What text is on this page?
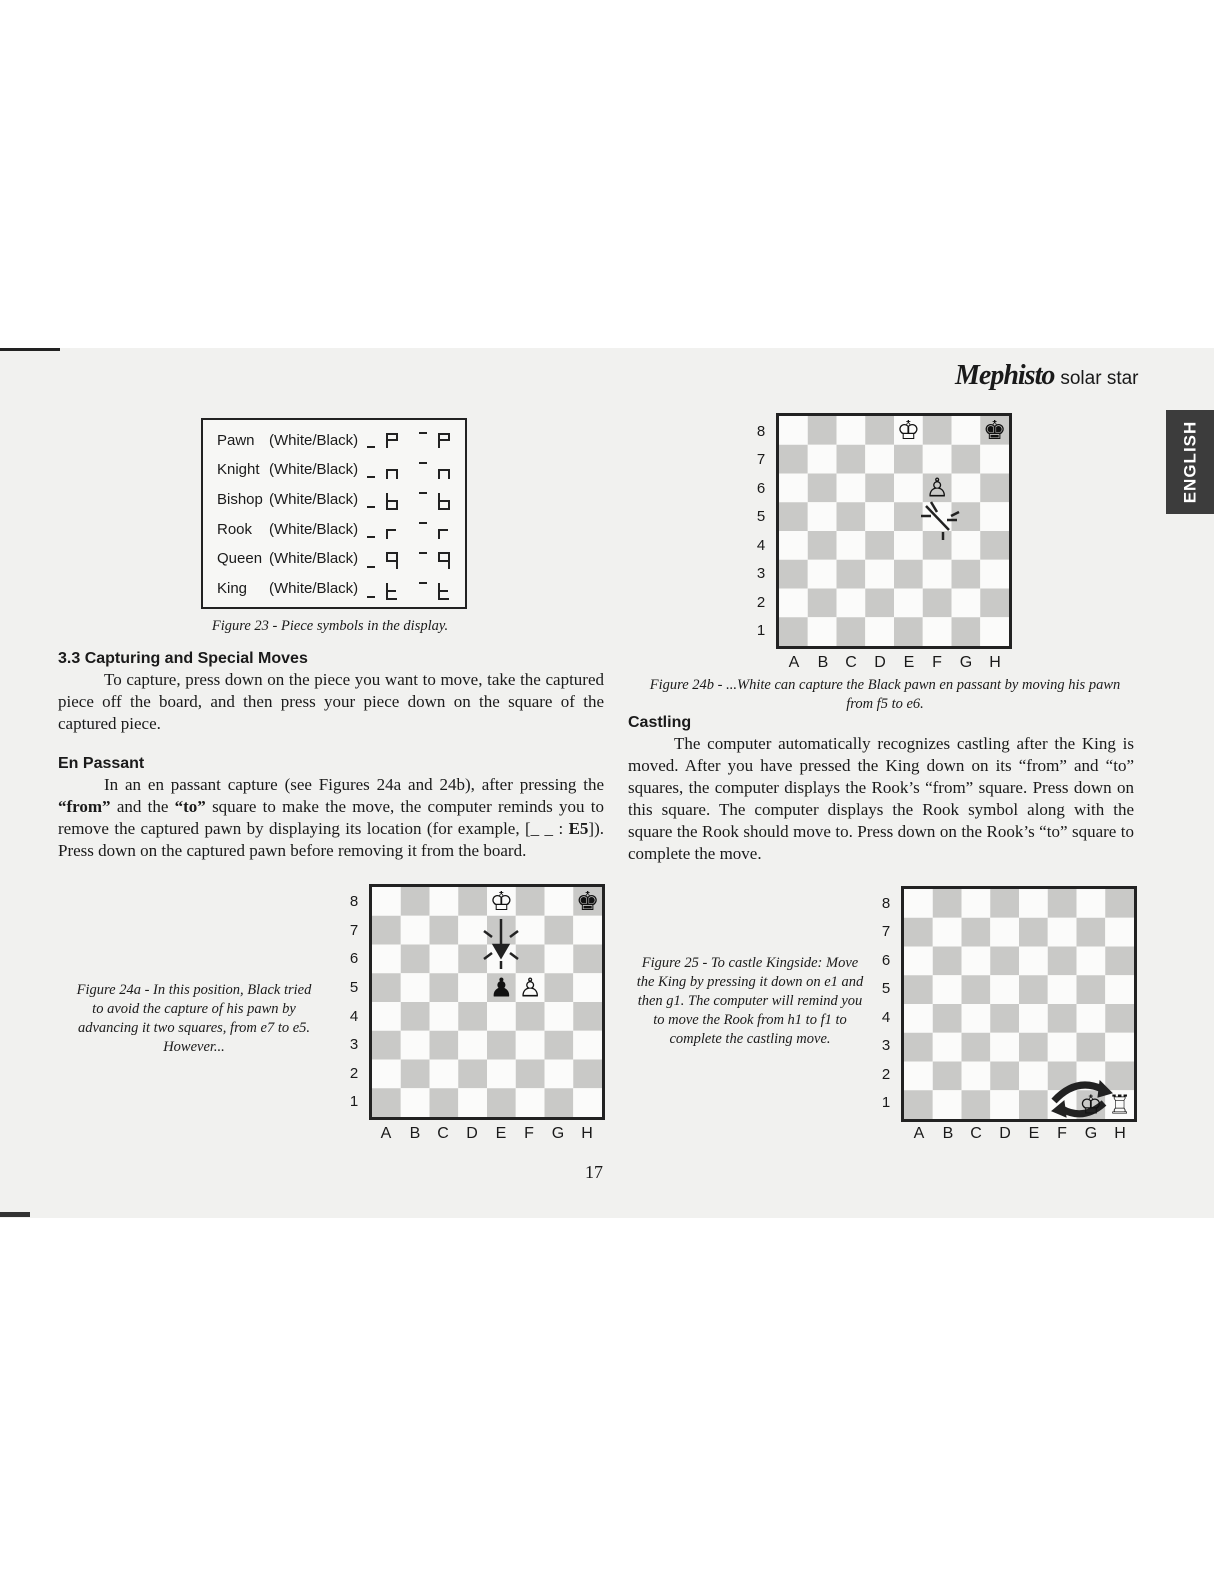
Mephisto solar star
ENGLISH
Pawn (White/Black)
Knight (White/Black)
Bishop (White/Black)
Rook	(White/Black)
Queen (White/Black)
King	(White/Black)
Figure 23 - Piece symbols in the display.
3.3 Capturing and Special Moves
To capture, press down on the piece you want to move, take the captured piece off the board, and then press your piece down on the square of the captured piece.
En Passant
In an en passant capture (see Figures 24a and 24b), after pressing the “from” and the “to” square to make the move, the computer reminds you to remove the captured pawn by displaying its location (for example, [_ _ : E5]). Press down on the captured pawn before removing it from the board.
8
7
6
5
4
3
2
1
♔ ♚
♙
A	B	C	D	E	F	G	H
Figure 24b - ...White can capture the Black pawn en passant by moving his pawn from f5 to e6.
Castling
The computer automatically recognizes castling after the King is moved. After you have pressed the King down on its “from” and “to” squares, the computer displays the Rook’s “from” square. Press down on this square. The computer displays the Rook symbol along with the square the Rook should move to. Press down on the Rook’s “to” square to complete the move.
Figure 24a - In this position, Black tried to avoid the capture of his pawn by advancing it two squares, from e7 to e5. However...
8
7
6
5
4
3
2
1
♔ ♚
♟ ♙
A	B	C	D	E	F	G	H
17
Figure 25 - To castle Kingside: Move the King by pressing it down on e1 and then g1. The computer will remind you to move the Rook from h1 to f1 to complete the castling move.
8
7
6
5
4
3
2
1	♔ ♖
A	B	C	D	E	F	G	H
